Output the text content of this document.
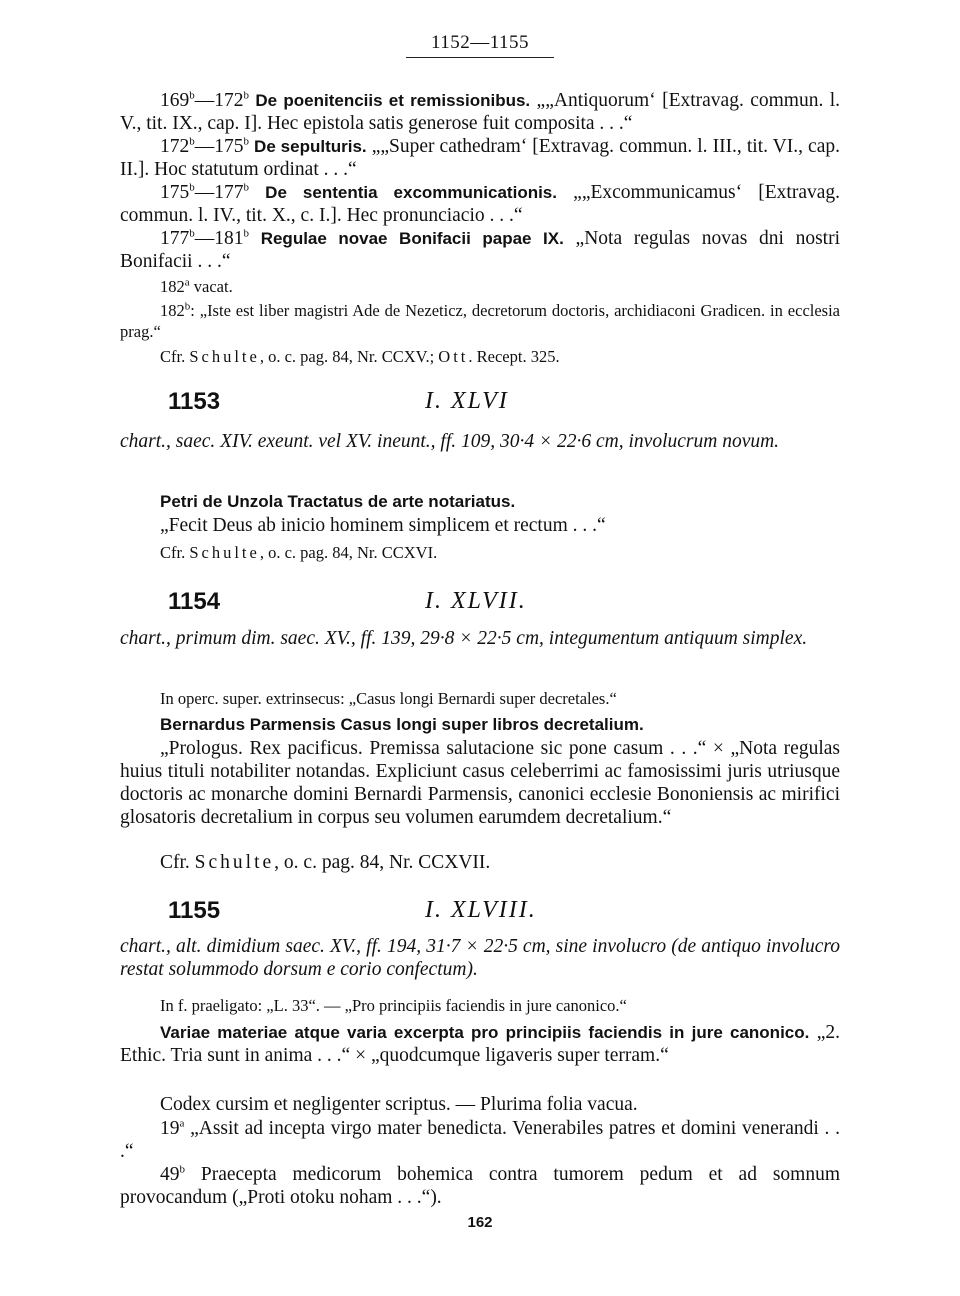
1152—1155
169$^b$—172$^b$ De poenitenciis et remissionibus. „„Antiquorum‘ [Extravag. commun. l. V., tit. IX., cap. I]. Hec epistola satis generose fuit composita . . .“
172$^b$—175$^b$ De sepulturis. „„Super cathedram‘ [Extravag. commun. l. III., tit. VI., cap. II.]. Hoc statutum ordinat . . .“
175$^b$—177$^b$ De sententia excommunicationis. „„Excommunicamus‘ [Extravag. commun. l. IV., tit. X., c. I.]. Hec pronunciacio . . .“
177$^b$—181$^b$ Regulae novae Bonifacii papae IX. „Nota regulas novas dni nostri Bonifacii . . .“
182$^a$ vacat.
182$^b$: „Iste est liber magistri Ade de Nezeticz, decretorum doctoris, archidiaconi Gradicen. in ecclesia prag.“
Cfr. Schulte, o. c. pag. 84, Nr. CCXV.; Ott. Recept. 325.
1153	I. XLVI
chart., saec. XIV. exeunt. vel XV. ineunt., ff. 109, 30·4 × 22·6 cm, involucrum novum.
Petri de Unzola Tractatus de arte notariatus.
„Fecit Deus ab inicio hominem simplicem et rectum . . .“
Cfr. Schulte, o. c. pag. 84, Nr. CCXVI.
1154	I. XLVII.
chart., primum dim. saec. XV., ff. 139, 29·8 × 22·5 cm, integumentum antiquum simplex.
In operc. super. extrinsecus: „Casus longi Bernardi super decretales.“
Bernardus Parmensis Casus longi super libros decretalium.
„Prologus. Rex pacificus. Premissa salutacione sic pone casum . . .“ × „Nota regulas huius tituli notabiliter notandas. Expliciunt casus celeberrimi ac famosissimi juris utriusque doctoris ac monarche domini Bernardi Parmensis, canonici ecclesie Bononiensis ac mirifici glosatoris decretalium in corpus seu volumen earumdem decretalium.“
Cfr. Schulte, o. c. pag. 84, Nr. CCXVII.
1155	I. XLVIII.
chart., alt. dimidium saec. XV., ff. 194, 31·7 × 22·5 cm, sine involucro (de antiquo involucro restat solummodo dorsum e corio confectum).
In f. praeligato: „L. 33“. — „Pro principiis faciendis in jure canonico.“
Variae materiae atque varia excerpta pro principiis faciendis in jure canonico. „2. Ethic. Tria sunt in anima . . .“ × „quodcumque ligaveris super terram.“
Codex cursim et negligenter scriptus. — Plurima folia vacua.
19$^a$ „Assit ad incepta virgo mater benedicta. Venerabiles patres et domini venerandi . . .“
49$^b$ Praecepta medicorum bohemica contra tumorem pedum et ad somnum provocandum („Proti otoku noham . . .“).
162
